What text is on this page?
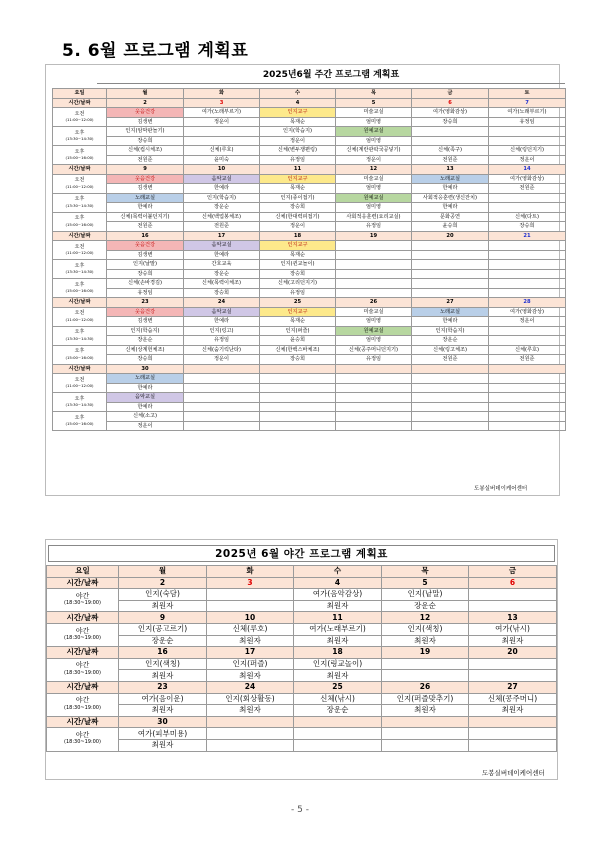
5. 6월 프로그램 계획표
2025년6월 주간 프로그램 계획표
요일	월	화	수	목	금	토
시간/날짜	2	3	4	5	6	7

오전
(11:00~12:00)	웃음건강	여가(노래부르기)	인지교구	미술교실	여가(영화감상)	여가(노래부르기)
	김생변	정운이	목재순	엄미영	장승희	유정임

오후
(13:30~14:30)	인지(암막판놀기)		인지(학습지)	원예교실		
	장승희		정운이	엄미영		

오후
(15:00~16:00)	신체(컵시체조)	신체(루호)	신체(변두쟁편링)	신체(계란관팍국공넣기)	신체(족구)	신체(링던지기)
	전원준	윤미숙	유정임	정운이	전원준	정운이
시간/날짜	9	10	11	12	13	14

오전
(11:00~12:00)	웃음건강	음악교실	인지교구	미술교실	노래교실	여가(영화감상)
	김생변	한예라	목재순	엄미영	한예라	전원준

오후
(13:30~14:30)	노래교실	인지(학습지)	인지(종이접기)	원예교실	사회적응훈련(생신잔치)	
	한예라	장운순	장승희	엄미영	한예라	

오후
(15:00~16:00)	신체(목력이붙던지기)	신체(백업봉체조)	신체(한대력피접기)	사회적응훈련(요리교실)	문화공연	신체(다트)
	전원준	전원준	정운이	유정임	윤승희	장승희
시간/날짜	16	17	18	19	20	21

오전
(11:00~12:00)	웃음건강	음악교실	인지교구			
	김생변	한예라	목재순			

오후
(13:30~14:30)	인지(날말)	간호교육	인지(퀸교놀이)			
	장승희	장운순	장승희			

오후
(15:00~16:00)	신체(손바경김)	신체(목력이체조)	신체(고리던지기)			
	유정임	장승희	유정임			
시간/날짜	23	24	25	26	27	28

오전
(11:00~12:00)	웃음건강	음악교실	인지교구	미술교실	노래교실	여가(영화감상)
	김생변	한예라	목재순	엄미영	한예라	정운이

오후
(13:30~14:30)	인지(학습지)	인지(링고)	인지(퍼즐)	원예교실	인지(학습지)	
	장운순	유정임	윤승희	엄미영	장운순	

오후
(15:00~16:00)	신체(상계헌체조)	신체(숨기릭난타)	신체(한백스바체조)	신체(공주머니던지기)	신체(링고체조)	신체(루호)
	장승희	정운이	장승희	유정임	전원준	전원준
시간/날짜	30					

오전
(11:00~12:00)	노래교실					
	한예라					

오후
(13:30~14:30)	음악교실					
	한예라					

오후
(15:00~16:00)	신체(소고)					
	정운이					
도봉실버데이케어센터
2025년 6월 야간 프로그램 계획표
요일	월	화	수	목	금
시간/날짜	2	3	4	5	6

야간
(18:30~19:00)	인지(숙담)		여가(음악감상)	인지(낱말)	
	최원자		최원자	장운순	
시간/날짜	9	10	11	12	13

야간
(18:30~19:00)	인지(공고르기)	신체(루호)	여가(노래부르기)	인지(색칭)	여가(낚시)
	장운순	최원자	최원자	최원자	최원자
시간/날짜	16	17	18	19	20

야간
(18:30~19:00)	인지(색칭)	인지(퍼즐)	인지(링교놀이)		
	최원자	최원자	최원자		
시간/날짜	23	24	25	26	27

야간
(18:30~19:00)	여가(음이운)	인지(회상활동)	신체(낚시)	인지(퍼즐맞추기)	신체(콩주머니)
	최원자	최원자	장운순	최원자	최원자
시간/날짜	30				

야간
(18:30~19:00)	여가(피부미용)				
	최원자				
도봉실버데이케어센터
- 5 -
